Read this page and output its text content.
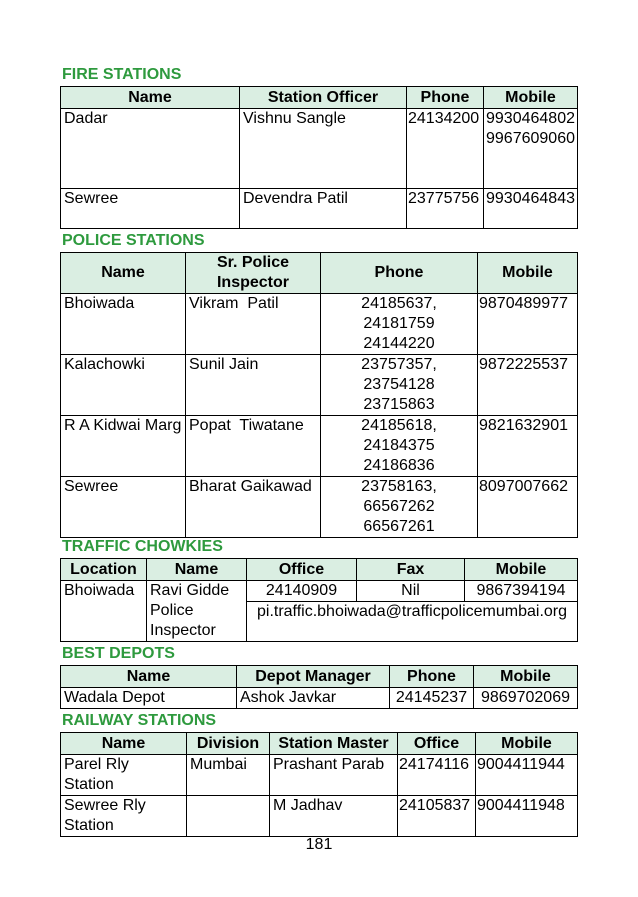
FIRE STATIONS
Name	Station Officer	Phone	Mobile
Dadar	Vishnu Sangle	24134200	9930464802
9967609060

Sewree	Devendra Patil	23775756	9930464843
POLICE STATIONS
Name	Sr. Police Inspector	Phone	Mobile
Bhoiwada	Vikram  Patil	24185637,
24181759
24144220	9870489977
Kalachowki	Sunil Jain	23757357,
23754128
23715863	9872225537
R A Kidwai Marg	Popat  Tiwatane	24185618,
24184375
24186836	9821632901
Sewree	Bharat Gaikawad	23758163,
66567262
66567261	8097007662
TRAFFIC CHOWKIES
Location	Name	Office	Fax	Mobile
Bhoiwada	Ravi Gidde Police Inspector	24140909	Nil	9867394194
		pi.traffic.bhoiwada@trafficpolicemumbai.org		
BEST DEPOTS
Name	Depot Manager	Phone	Mobile
Wadala Depot	Ashok Javkar	24145237	9869702069
RAILWAY STATIONS
Name	Division	Station Master	Office	Mobile
Parel Rly Station	Mumbai	Prashant Parab	24174116	9004411944
Sewree Rly Station		M Jadhav	24105837	9004411948
181
